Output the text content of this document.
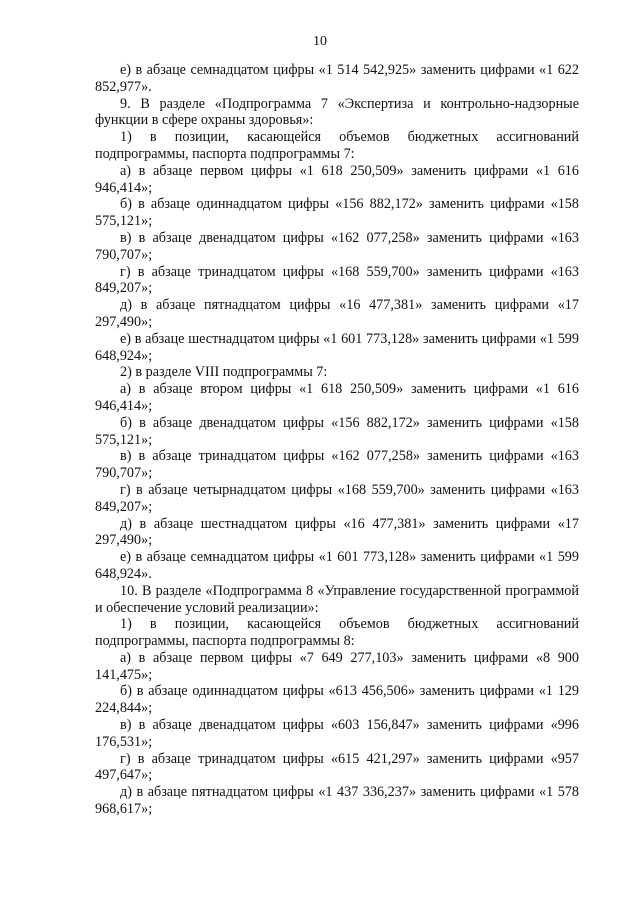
10

е) в абзаце семнадцатом цифры «1 514 542,925» заменить цифрами «1 622 852,977».

9. В разделе «Подпрограмма 7 «Экспертиза и контрольно-надзорные функции в сфере охраны здоровья»:

1) в позиции, касающейся объемов бюджетных ассигнований подпрограммы, паспорта подпрограммы 7:

а) в абзаце первом цифры «1 618 250,509» заменить цифрами «1 616 946,414»;

б) в абзаце одиннадцатом цифры «156 882,172» заменить цифрами «158 575,121»;

в) в абзаце двенадцатом цифры «162 077,258» заменить цифрами «163 790,707»;

г) в абзаце тринадцатом цифры «168 559,700» заменить цифрами «163 849,207»;

д) в абзаце пятнадцатом цифры «16 477,381» заменить цифрами «17 297,490»;

е) в абзаце шестнадцатом цифры «1 601 773,128» заменить цифрами «1 599 648,924»;

2) в разделе VIII подпрограммы 7:

а) в абзаце втором цифры «1 618 250,509» заменить цифрами «1 616 946,414»;

б) в абзаце двенадцатом цифры «156 882,172» заменить цифрами «158 575,121»;

в) в абзаце тринадцатом цифры «162 077,258» заменить цифрами «163 790,707»;

г) в абзаце четырнадцатом цифры «168 559,700» заменить цифрами «163 849,207»;

д) в абзаце шестнадцатом цифры «16 477,381» заменить цифрами «17 297,490»;

е) в абзаце семнадцатом цифры «1 601 773,128» заменить цифрами «1 599 648,924».

10. В разделе «Подпрограмма 8 «Управление государственной программой и обеспечение условий реализации»:

1) в позиции, касающейся объемов бюджетных ассигнований подпрограммы, паспорта подпрограммы 8:

а) в абзаце первом цифры «7 649 277,103» заменить цифрами «8 900 141,475»;

б) в абзаце одиннадцатом цифры «613 456,506» заменить цифрами «1 129 224,844»;

в) в абзаце двенадцатом цифры «603 156,847» заменить цифрами «996 176,531»;

г) в абзаце тринадцатом цифры «615 421,297» заменить цифрами «957 497,647»;

д) в абзаце пятнадцатом цифры «1 437 336,237» заменить цифрами «1 578 968,617»;
